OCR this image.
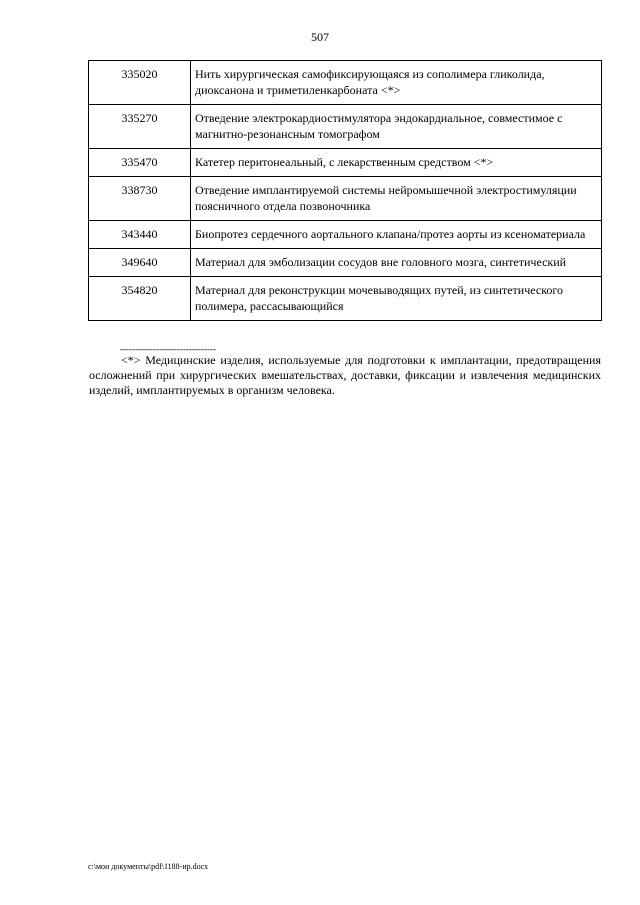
507
335020	Нить хирургическая самофиксирующаяся из сополимера гликолида, диоксанона и триметиленкарбоната <*>
335270	Отведение электрокардиостимулятора эндокардиальное, совместимое с магнитно-резонансным томографом
335470	Катетер перитонеальный, с лекарственным средством <*>
338730	Отведение имплантируемой системы нейромышечной электростимуляции поясничного отдела позвоночника
343440	Биопротез сердечного аортального клапана/протез аорты из ксеноматериала
349640	Материал для эмболизации сосудов вне головного мозга, синтетический
354820	Материал для реконструкции мочевыводящих путей, из синтетического полимера, рассасывающийся
--------------------------------

<*> Медицинские изделия, используемые для подготовки к имплантации, предотвращения осложнений при хирургических вмешательствах, доставки, фиксации и извлечения медицинских изделий, имплантируемых в организм человека.

c:\мои документы\pdf\1188-ир.docx
